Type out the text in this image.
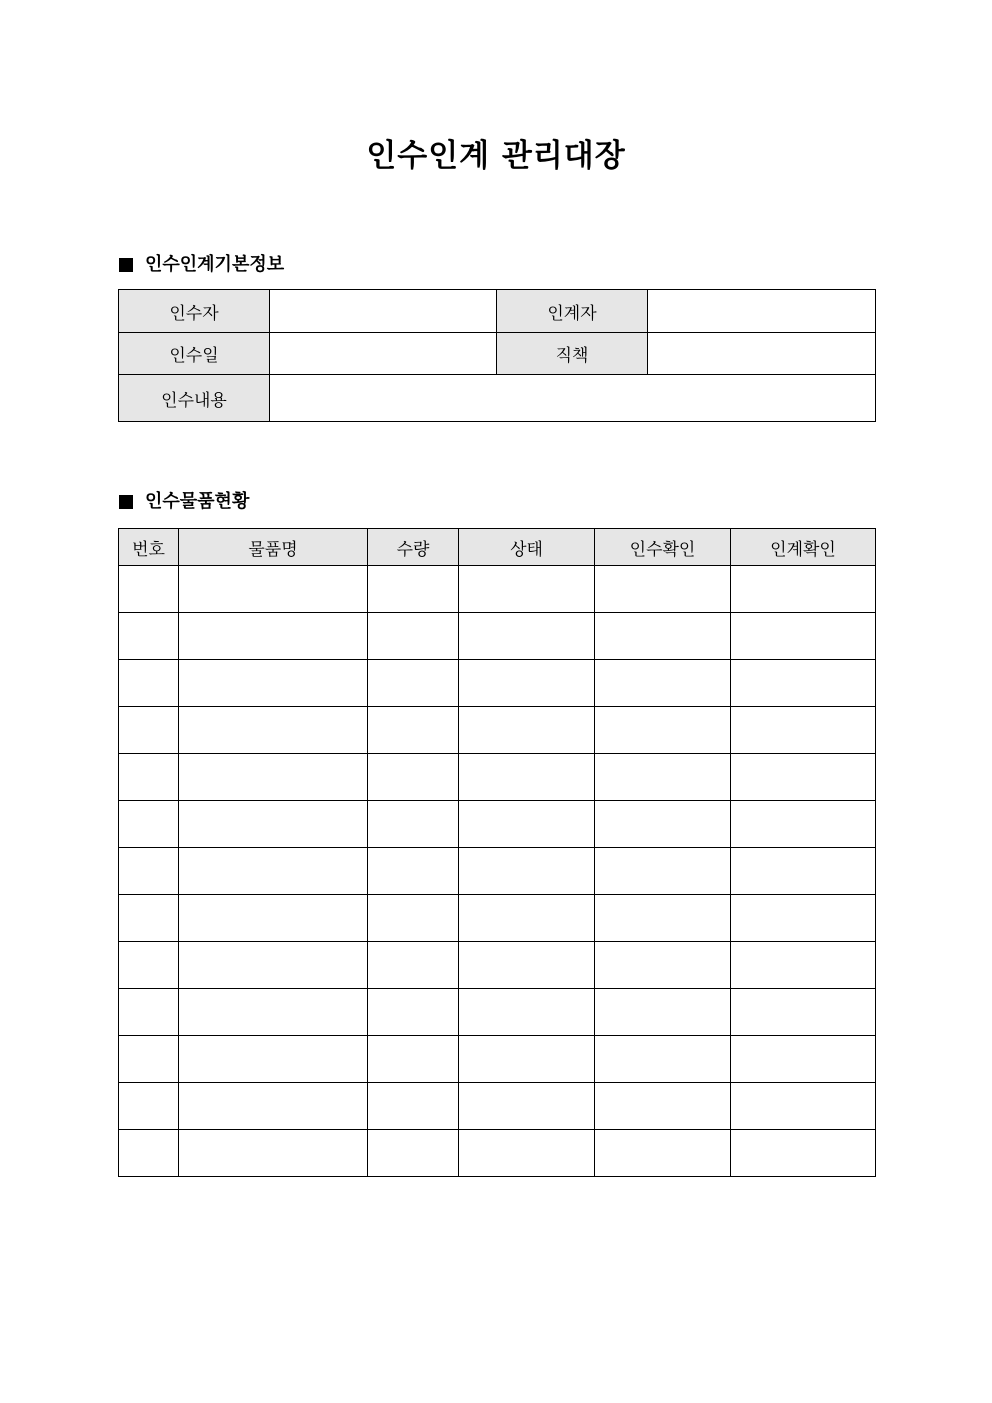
인수인계 관리대장
인수인계기본정보
인수자		인계자	
인수일		직책	
인수내용			
인수물품현황
번호	물품명	수량	상태	인수확인	인계확인
